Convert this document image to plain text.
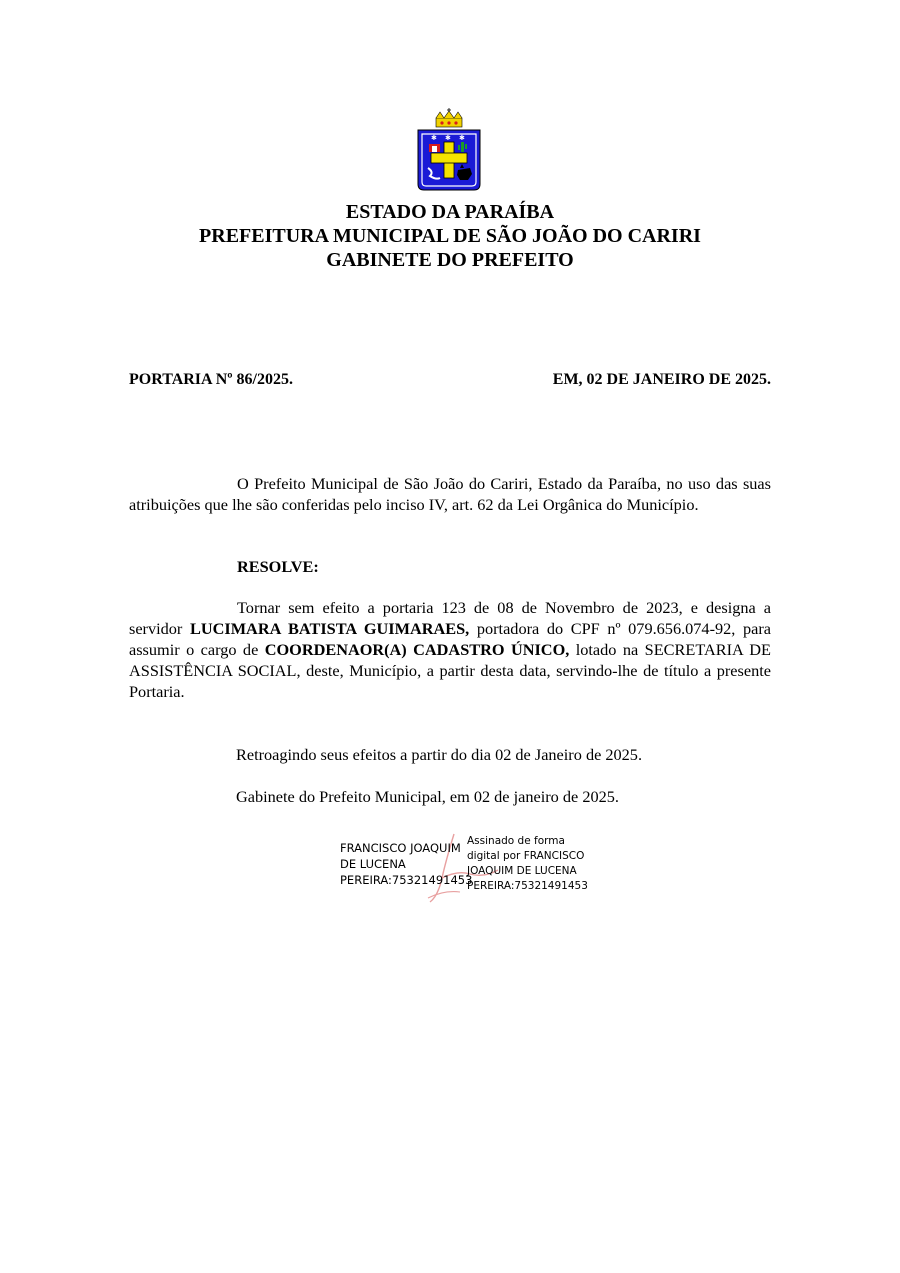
✱ ✱ ✱
ESTADO DA PARAÍBA
PREFEITURA MUNICIPAL DE SÃO JOÃO DO CARIRI
GABINETE DO PREFEITO
PORTARIA Nº 86/2025.	EM, 02 DE JANEIRO DE 2025.
O Prefeito Municipal de São João do Cariri, Estado da Paraíba, no uso das suas atribuições que lhe são conferidas pelo inciso IV, art. 62 da Lei Orgânica do Município.
RESOLVE:
Tornar sem efeito a portaria 123 de 08 de Novembro de 2023, e designa a servidor LUCIMARA BATISTA GUIMARAES, portadora do CPF nº 079.656.074-92, para assumir o cargo de COORDENAOR(A) CADASTRO ÚNICO, lotado na SECRETARIA DE ASSISTÊNCIA SOCIAL, deste, Município, a partir desta data, servindo-lhe de título a presente Portaria.
Retroagindo seus efeitos a partir do dia 02 de Janeiro de 2025.
Gabinete do Prefeito Municipal, em 02 de janeiro de 2025.
FRANCISCO JOAQUIM
DE LUCENA
PEREIRA:75321491453
Assinado de forma
digital por FRANCISCO
JOAQUIM DE LUCENA
PEREIRA:75321491453
